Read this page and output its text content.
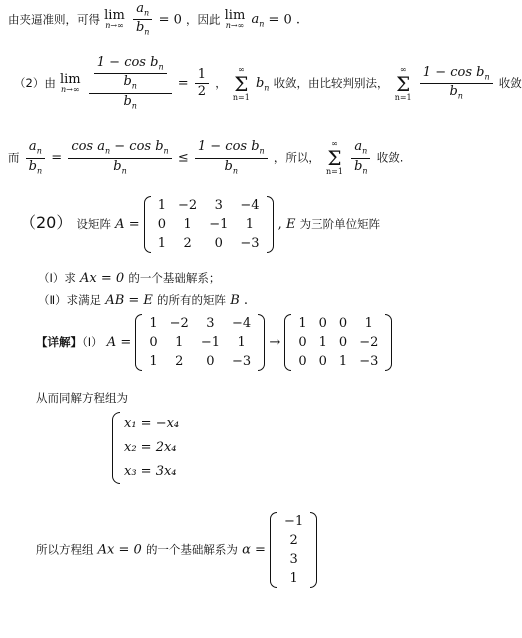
由夹逼准则，可得 lim
n→∞
$\frac{a_n}{b_n} = 0$ ，因此 lim
n→∞ $a_n = 0$ .
（2）由 lim
n→∞
$\frac{\frac{1 - \cos b_n}{b_n}}{b_n} = \frac{1}{2}$ ，
∞
Σ
n=1
$b_n$ 收敛，由比较判别法，
∞
Σ
n=1
$\frac{1 - \cos b_n}{b_n}$ 收敛
而 $\frac{a_n}{b_n} = \frac{\cos a_n - \cos b_n}{b_n} \le \frac{1 - \cos b_n}{b_n}$ ，所以，
∞
Σ
n=1
$\frac{a_n}{b_n}$ 收敛.
（20） 设矩阵 A =
1	−2	3	−4
0	1	−1	1
1	2	0	−3
, E 为三阶单位矩阵
（Ⅰ）求 Ax = 0 的一个基础解系；
（Ⅱ）求满足 AB = E 的所有的矩阵 B .
【详解】（Ⅰ） A =
1	−2	3	−4
0	1	−1	1
1	2	0	−3
→
1	0	0	1
0	1	0	−2
0	0	1	−3
从而同解方程组为
x₁ = −x₄
x₂ = 2x₄
x₃ = 3x₄
所以方程组 Ax = 0 的一个基础解系为 α =
−1
2
3
1
